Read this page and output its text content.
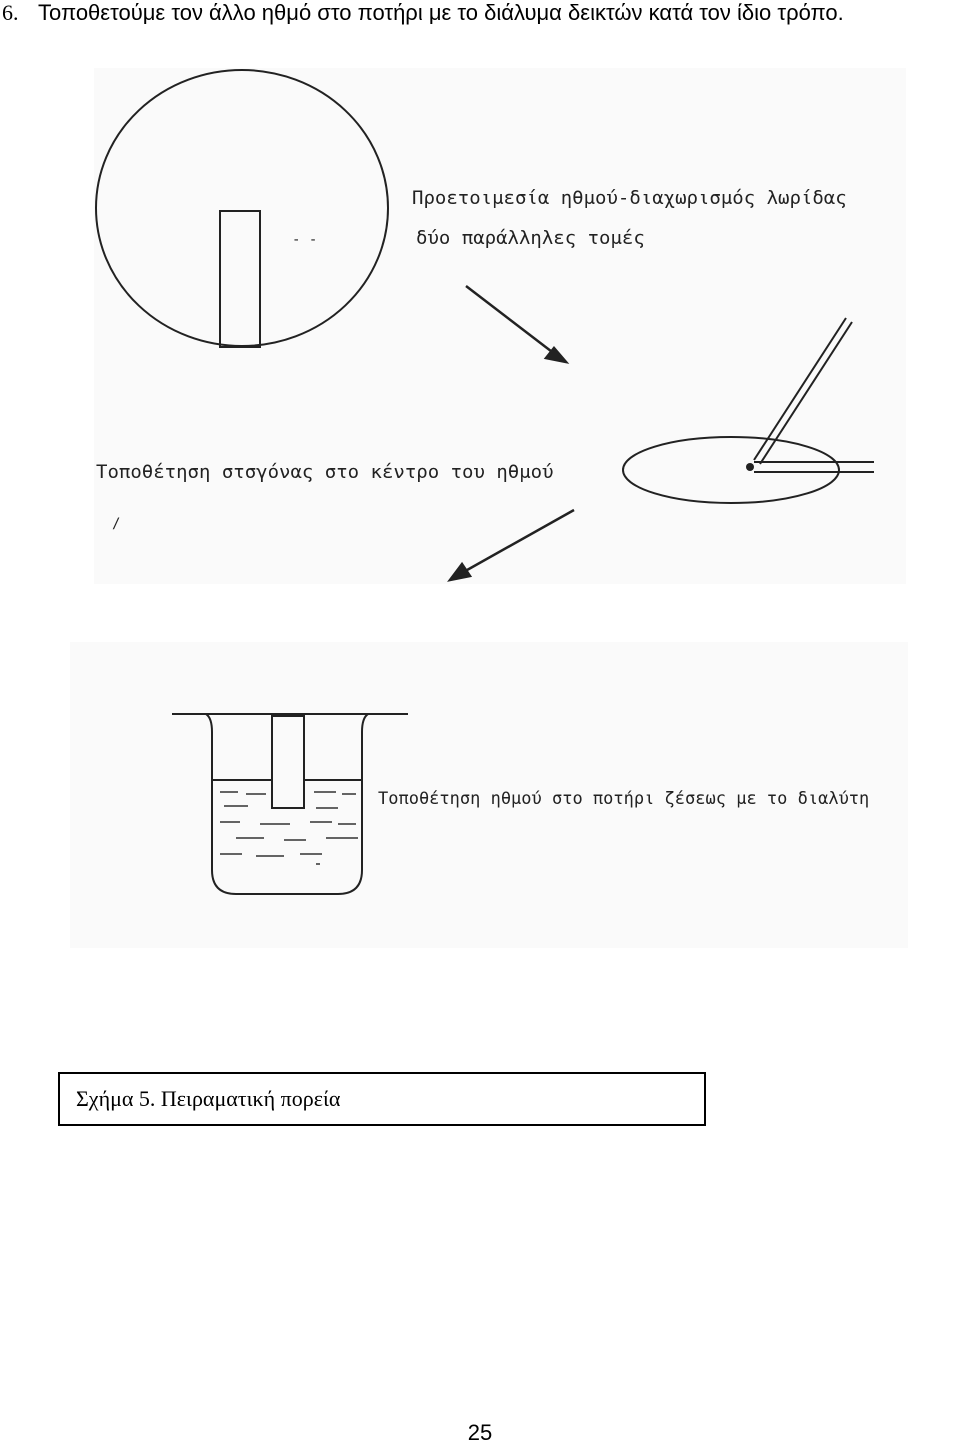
6. Τοποθετούμε τον άλλο ηθμό στο ποτήρι με το διάλυμα δεικτών κατά τον ίδιο τρόπο.
- -
Προετοιμεσία ηθμού-διαχωρισμός λωρίδας
δύο παράλληλες τομές
Τοποθέτηση στσγόνας στο κέντρο του ηθμού
/
Τοποθέτηση ηθμού στο ποτήρι ζέσεως με το διαλύτη
Σχήμα 5. Πειραματική πορεία
25
